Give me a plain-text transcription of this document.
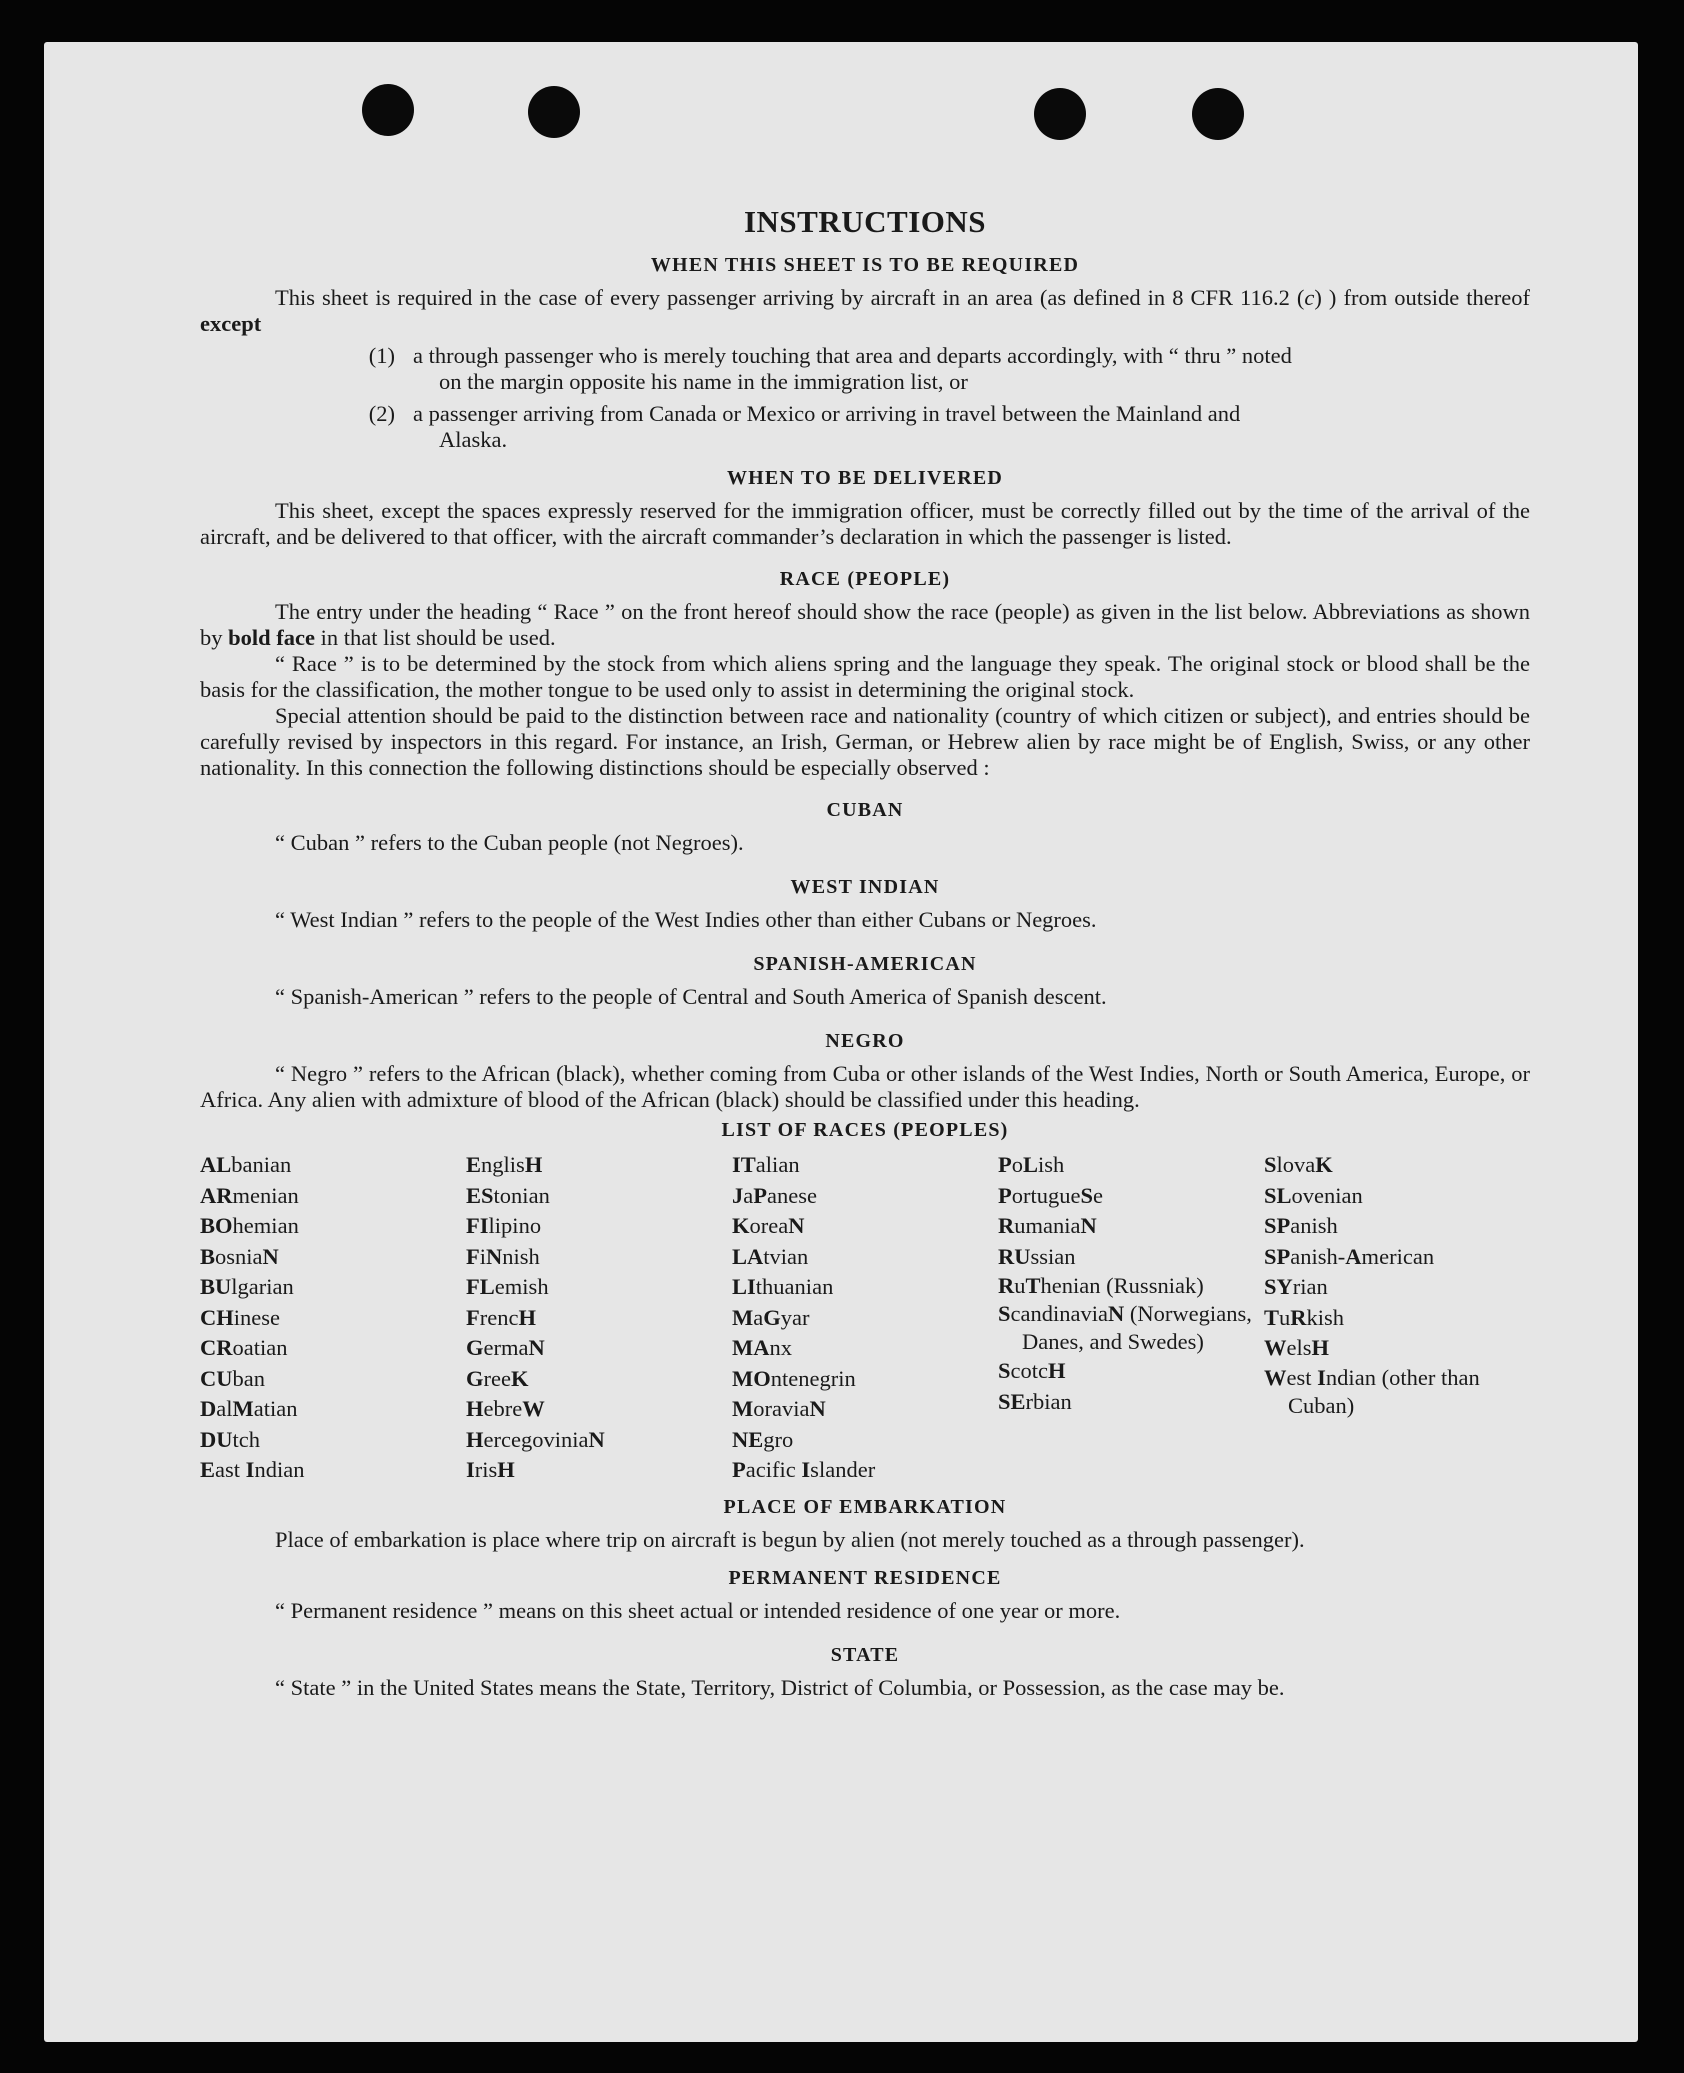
INSTRUCTIONS
WHEN THIS SHEET IS TO BE REQUIRED

This sheet is required in the case of every passenger arriving by aircraft in an area (as defined in 8 CFR 116.2 (c) ) from outside thereof except

(1) a through passenger who is merely touching that area and departs accordingly, with “ thru ” noted
on the margin opposite his name in the immigration list, or
(2) a passenger arriving from Canada or Mexico or arriving in travel between the Mainland and
Alaska.
WHEN TO BE DELIVERED

This sheet, except the spaces expressly reserved for the immigration officer, must be correctly filled out by the time of the arrival of the aircraft, and be delivered to that officer, with the aircraft commander’s declaration in which the passenger is listed.

RACE (PEOPLE)

The entry under the heading “ Race ” on the front hereof should show the race (people) as given in the list below. Abbreviations as shown by bold face in that list should be used.

“ Race ” is to be determined by the stock from which aliens spring and the language they speak. The original stock or blood shall be the basis for the classification, the mother tongue to be used only to assist in determining the original stock.

Special attention should be paid to the distinction between race and nationality (country of which citizen or subject), and entries should be carefully revised by inspectors in this regard. For instance, an Irish, German, or Hebrew alien by race might be of English, Swiss, or any other nationality. In this connection the following distinctions should be especially observed :

CUBAN

“ Cuban ” refers to the Cuban people (not Negroes).

WEST INDIAN

“ West Indian ” refers to the people of the West Indies other than either Cubans or Negroes.

SPANISH-AMERICAN

“ Spanish-American ” refers to the people of Central and South America of Spanish descent.

NEGRO

“ Negro ” refers to the African (black), whether coming from Cuba or other islands of the West Indies, North or South America, Europe, or Africa. Any alien with admixture of blood of the African (black) should be classified under this heading.

LIST OF RACES (PEOPLES)
ALbanian
ARmenian
BOhemian
BosniaN
BUlgarian
CHinese
CRoatian
CUban
DalMatian
DUtch
East Indian
EnglisH
EStonian
FIlipino
FiNnish
FLemish
FrencH
GermaN
GreeK
HebreW
HercegoviniaN
IrisH
ITalian
JaPanese
KoreaN
LAtvian
LIthuanian
MaGyar
MAnx
MOntenegrin
MoraviaN
NEgro
Pacific Islander
PoLish
PortugueSe
RumaniaN
RUssian
RuThenian (Russniak)
ScandinaviaN (Norwegians, Danes, and Swedes)
ScotcH
SErbian
SlovaK
SLovenian
SPanish
SPanish-American
SYrian
TuRkish
WelsH
West Indian (other than Cuban)
PLACE OF EMBARKATION

Place of embarkation is place where trip on aircraft is begun by alien (not merely touched as a through passenger).

PERMANENT RESIDENCE

“ Permanent residence ” means on this sheet actual or intended residence of one year or more.

STATE

“ State ” in the United States means the State, Territory, District of Columbia, or Possession, as the case may be.
